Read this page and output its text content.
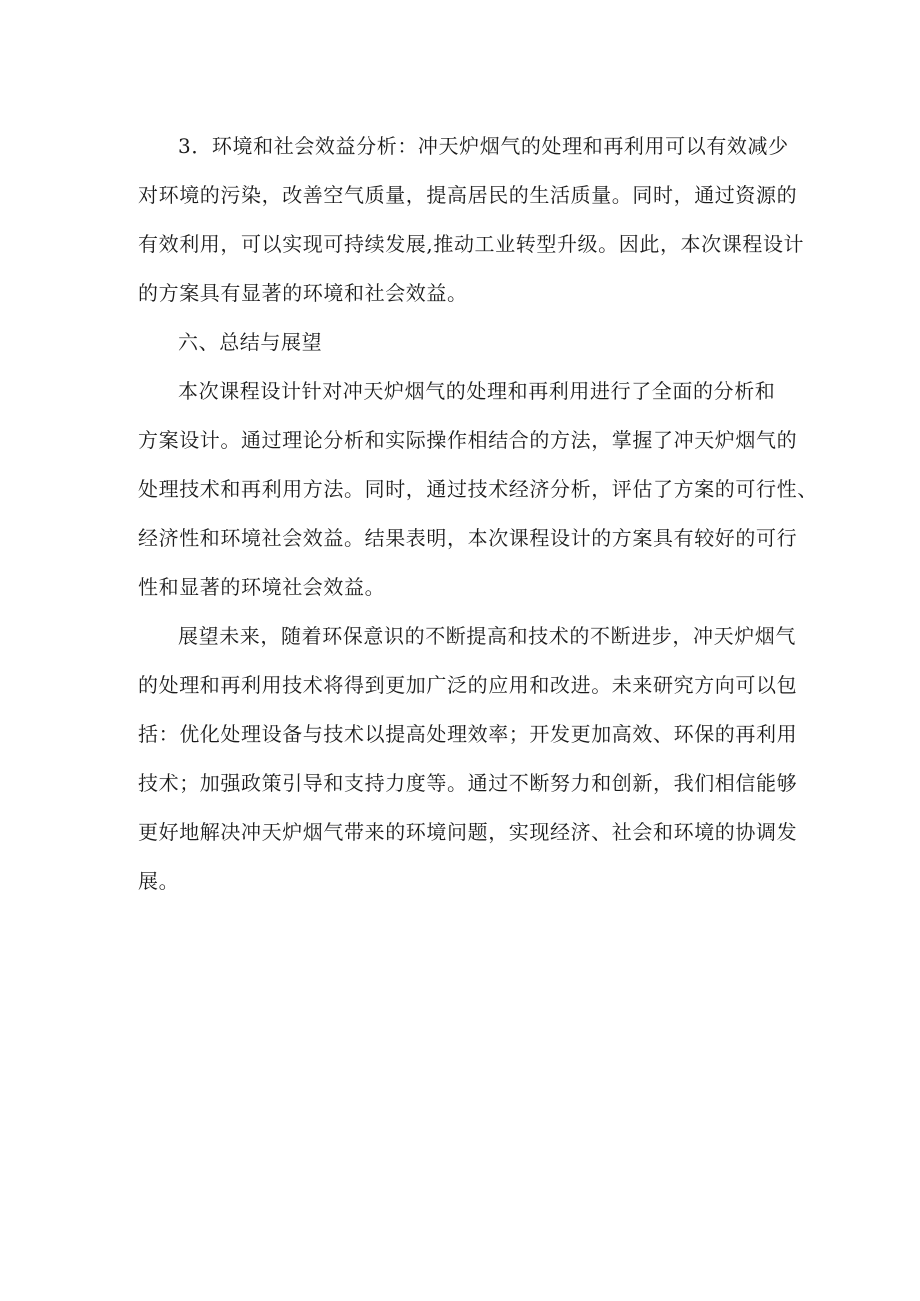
3．环境和社会效益分析：冲天炉烟气的处理和再利用可以有效减少
对环境的污染，改善空气质量，提高居民的生活质量。同时，通过资源的
有效利用，可以实现可持续发展,推动工业转型升级。因此，本次课程设计
的方案具有显著的环境和社会效益。
六、总结与展望
本次课程设计针对冲天炉烟气的处理和再利用进行了全面的分析和
方案设计。通过理论分析和实际操作相结合的方法，掌握了冲天炉烟气的
处理技术和再利用方法。同时，通过技术经济分析，评估了方案的可行性、
经济性和环境社会效益。结果表明，本次课程设计的方案具有较好的可行
性和显著的环境社会效益。
展望未来，随着环保意识的不断提高和技术的不断进步，冲天炉烟气
的处理和再利用技术将得到更加广泛的应用和改进。未来研究方向可以包
括：优化处理设备与技术以提高处理效率；开发更加高效、环保的再利用
技术；加强政策引导和支持力度等。通过不断努力和创新，我们相信能够
更好地解决冲天炉烟气带来的环境问题，实现经济、社会和环境的协调发
展。
